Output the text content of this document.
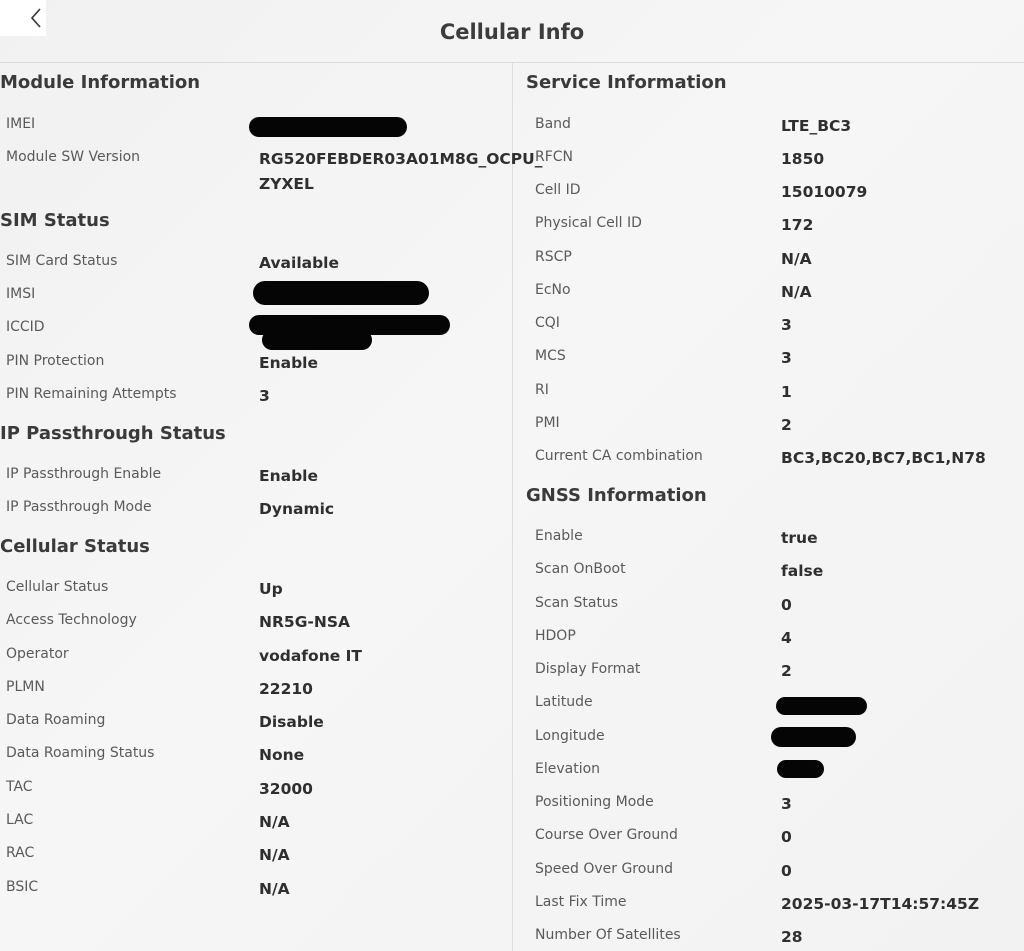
Cellular Info
Module Information
IMEI
Module SW Version	RG520FEBDER03A01M8G_OCPU_
ZYXEL
SIM Status
SIM Card Status	Available
IMSI
ICCID
PIN Protection	Enable
PIN Remaining Attempts	3
IP Passthrough Status
IP Passthrough Enable	Enable
IP Passthrough Mode	Dynamic
Cellular Status
Cellular Status	Up
Access Technology	NR5G-NSA
Operator	vodafone IT
PLMN	22210
Data Roaming	Disable
Data Roaming Status	None
TAC	32000
LAC	N/A
RAC	N/A
BSIC	N/A
Service Information
Band	LTE_BC3
RFCN	1850
Cell ID	15010079
Physical Cell ID	172
RSCP	N/A
EcNo	N/A
CQI	3
MCS	3
RI	1
PMI	2
Current CA combination	BC3,BC20,BC7,BC1,N78
GNSS Information
Enable	true
Scan OnBoot	false
Scan Status	0
HDOP	4
Display Format	2
Latitude
Longitude
Elevation
Positioning Mode	3
Course Over Ground	0
Speed Over Ground	0
Last Fix Time	2025-03-17T14:57:45Z
Number Of Satellites	28
